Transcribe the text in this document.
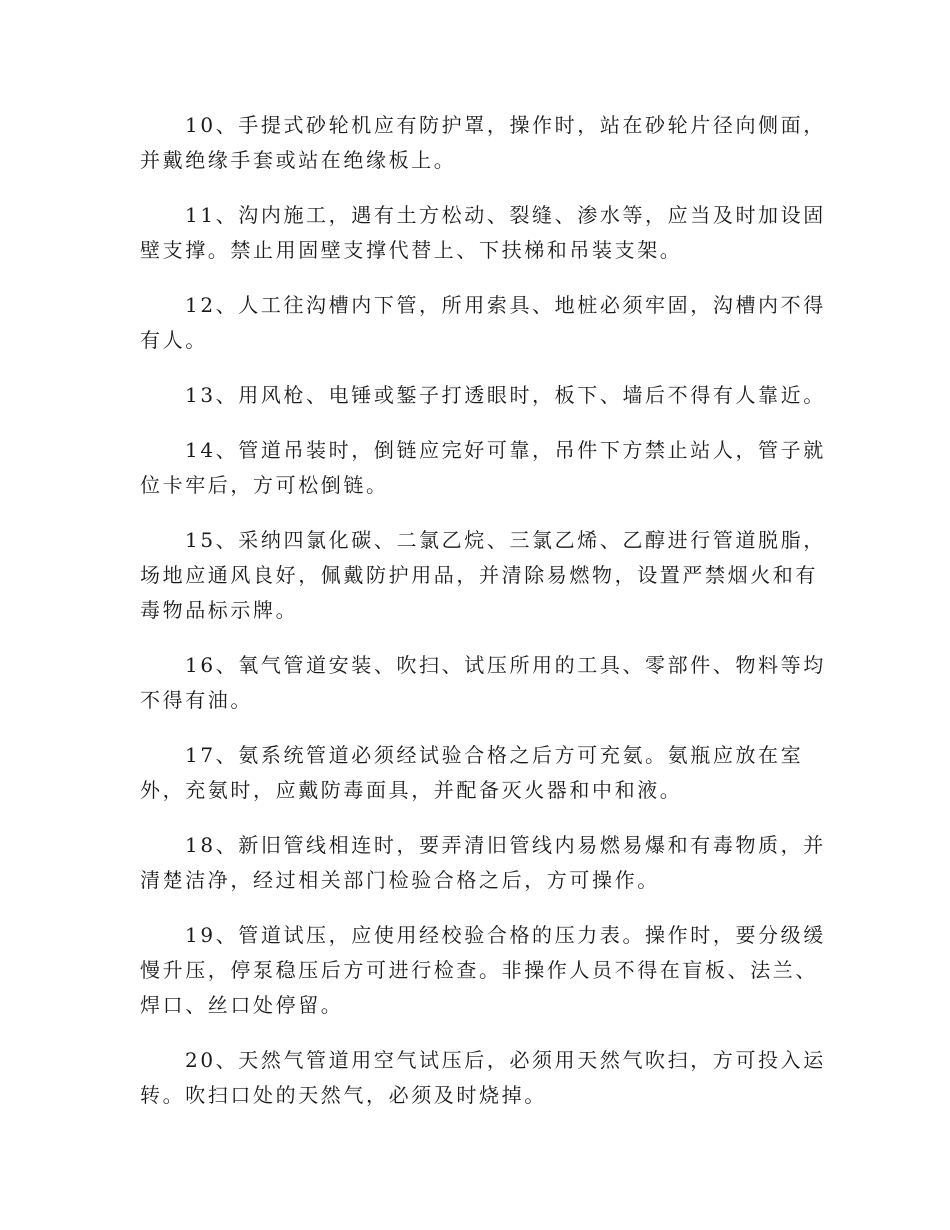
10、手提式砂轮机应有防护罩，操作时，站在砂轮片径向侧面，
并戴绝缘手套或站在绝缘板上。

11、沟内施工，遇有土方松动、裂缝、渗水等，应当及时加设固
壁支撑。禁止用固壁支撑代替上、下扶梯和吊装支架。

12、人工往沟槽内下管，所用索具、地桩必须牢固，沟槽内不得
有人。

13、用风枪、电锤或錾子打透眼时，板下、墙后不得有人靠近。

14、管道吊装时，倒链应完好可靠，吊件下方禁止站人，管子就
位卡牢后，方可松倒链。

15、采纳四氯化碳、二氯乙烷、三氯乙烯、乙醇进行管道脱脂，
场地应通风良好，佩戴防护用品，并清除易燃物，设置严禁烟火和有
毒物品标示牌。

16、氧气管道安装、吹扫、试压所用的工具、零部件、物料等均
不得有油。

17、氨系统管道必须经试验合格之后方可充氨。氨瓶应放在室
外，充氨时，应戴防毒面具，并配备灭火器和中和液。

18、新旧管线相连时，要弄清旧管线内易燃易爆和有毒物质，并
清楚洁净，经过相关部门检验合格之后，方可操作。

19、管道试压，应使用经校验合格的压力表。操作时，要分级缓
慢升压，停泵稳压后方可进行检查。非操作人员不得在盲板、法兰、
焊口、丝口处停留。

20、天然气管道用空气试压后，必须用天然气吹扫，方可投入运
转。吹扫口处的天然气，必须及时烧掉。
